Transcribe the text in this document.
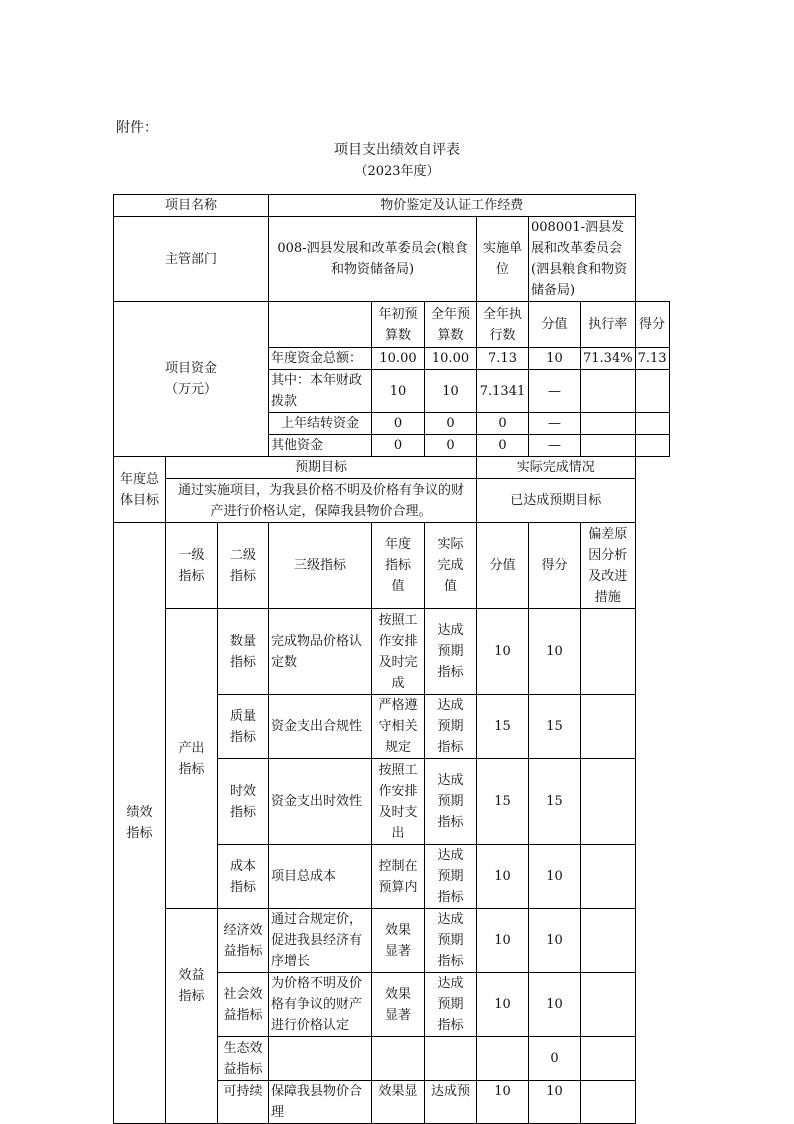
附件：
项目支出绩效自评表
（2023年度）
项目名称			物价鉴定及认证工作经费						
主管部门			008-泗县发展和改革委员会(粮食和物资储备局)			实施单位	008001-泗县发展和改革委员会(泗县粮食和物资储备局)		
项目资金（万元）				年初预算数	全年预算数	全年执行数	分值	执行率	得分
			年度资金总额：	10.00	10.00	7.13	10	71.34%	7.13
			其中：本年财政拨款	10	10	7.1341	—		
			上年结转资金	0	0	0	—		
			其他资金	0	0	0	—		
年度总体目标	预期目标					实际完成情况			
	通过实施项目，为我县价格不明及价格有争议的财产进行价格认定，保障我县物价合理。					已达成预期目标			
绩效指标	一级指标	二级指标	三级指标	年度指标值	实际完成值	分值	得分	偏差原因分析及改进措施	
	产出指标	数量指标	完成物品价格认定数	按照工作安排及时完成	达成预期指标	10	10		
		质量指标	资金支出合规性	严格遵守相关规定	达成预期指标	15	15		
		时效指标	资金支出时效性	按照工作安排及时支出	达成预期指标	15	15		
		成本指标	项目总成本	控制在预算内	达成预期指标	10	10		
	效益指标	经济效益指标	通过合规定价，促进我县经济有序增长	效果显著	达成预期指标	10	10		
		社会效益指标	为价格不明及价格有争议的财产进行价格认定	效果显著	达成预期指标	10	10		
		生态效益指标					0		
		可持续	保障我县物价合理	效果显	达成预	10	10		
